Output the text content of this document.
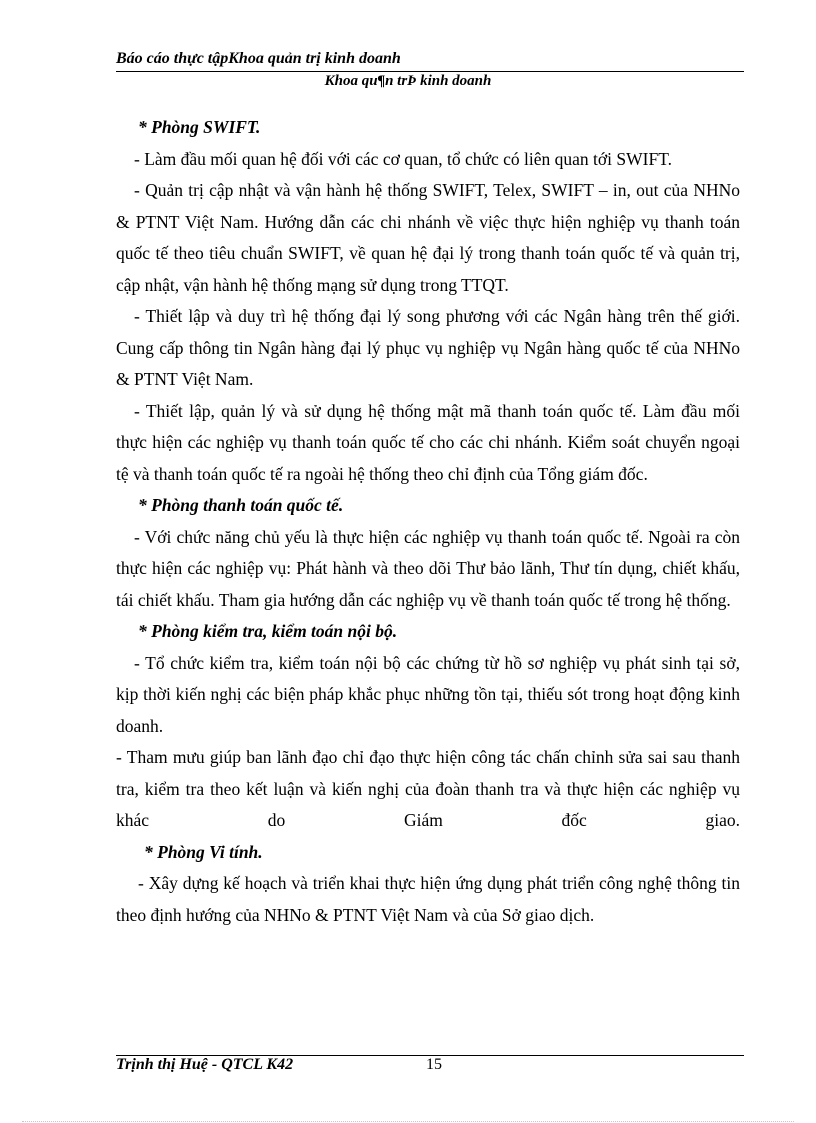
Báo cáo thực tậpKhoa quản trị kinh doanh
Khoa qu¶n trÞ kinh doanh

* Phòng SWIFT.

- Làm đầu mối quan hệ đối với các cơ quan, tổ chức có liên quan tới SWIFT.

- Quản trị cập nhật và vận hành hệ thống SWIFT, Telex, SWIFT – in, out của NHNo & PTNT Việt Nam. Hướng dẫn các chi nhánh về việc thực hiện nghiệp vụ thanh toán quốc tế theo tiêu chuẩn SWIFT, về quan hệ đại lý trong thanh toán quốc tế và quản trị, cập nhật, vận hành hệ thống mạng sử dụng trong TTQT.

- Thiết lập và duy trì hệ thống đại lý song phương với các Ngân hàng trên thế giới. Cung cấp thông tin Ngân hàng đại lý phục vụ nghiệp vụ Ngân hàng quốc tế của NHNo & PTNT Việt Nam.

- Thiết lập, quản lý và sử dụng hệ thống mật mã thanh toán quốc tế. Làm đầu mối thực hiện các nghiệp vụ thanh toán quốc tế cho các chi nhánh. Kiểm soát chuyển ngoại tệ và thanh toán quốc tế ra ngoài hệ thống theo chỉ định của Tổng giám đốc.

* Phòng thanh toán quốc tế.

- Với chức năng chủ yếu là thực hiện các nghiệp vụ thanh toán quốc tế. Ngoài ra còn thực hiện các nghiệp vụ: Phát hành và theo dõi Thư bảo lãnh, Thư tín dụng, chiết khấu, tái chiết khấu. Tham gia hướng dẫn các nghiệp vụ về thanh toán quốc tế trong hệ thống.

* Phòng kiểm tra, kiểm toán nội bộ.

- Tổ chức kiểm tra, kiểm toán nội bộ các chứng từ hồ sơ nghiệp vụ phát sinh tại sở, kịp thời kiến nghị các biện pháp khắc phục những tồn tại, thiếu sót trong hoạt động kinh doanh.

- Tham mưu giúp ban lãnh đạo chỉ đạo thực hiện công tác chấn chỉnh sửa sai sau thanh tra, kiểm tra theo kết luận và kiến nghị của đoàn thanh tra và thực hiện các nghiệp vụ khác do Giám đốc giao.

* Phòng Vi tính.

- Xây dựng kế hoạch và triển khai thực hiện ứng dụng phát triển công nghệ thông tin theo định hướng của NHNo & PTNT Việt Nam và của Sở giao dịch.

Trịnh thị Huệ - QTCL K42	15
